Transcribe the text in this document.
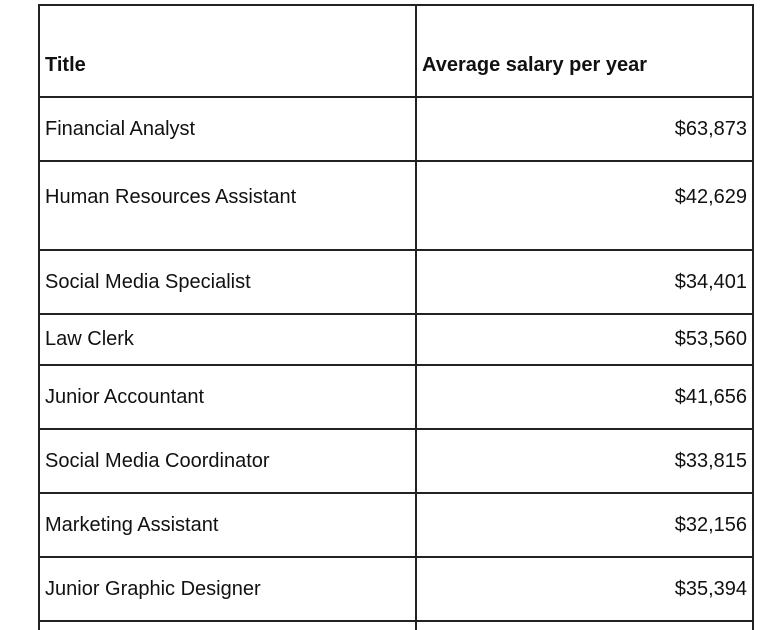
Title	Average salary per year
Financial Analyst	$63,873
Human Resources Assistant	$42,629
Social Media Specialist	$34,401
Law Clerk	$53,560
Junior Accountant	$41,656
Social Media Coordinator	$33,815
Marketing Assistant	$32,156
Junior Graphic Designer	$35,394
